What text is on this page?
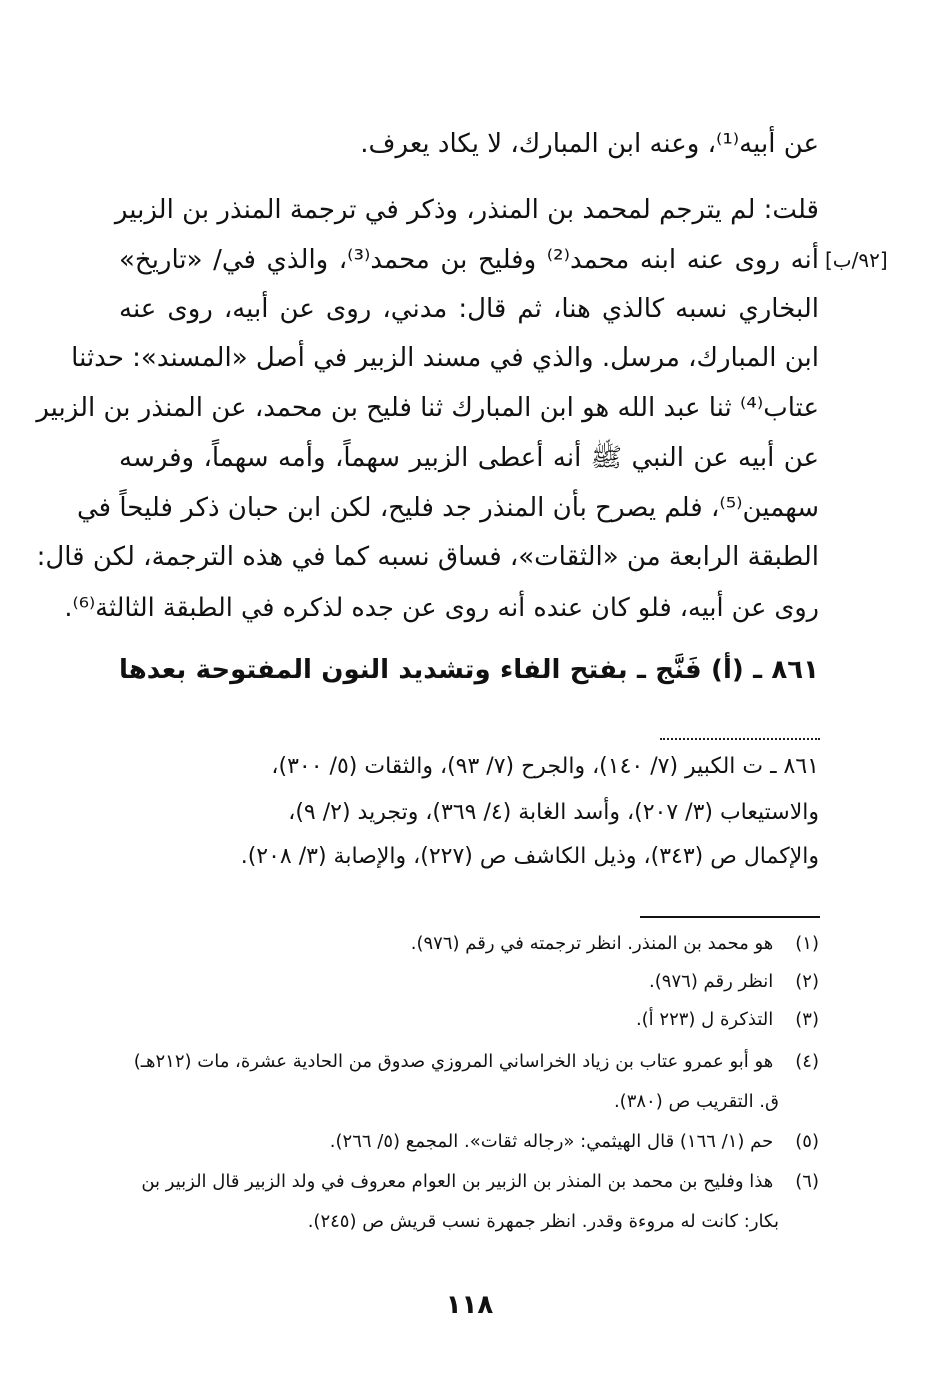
عن أبيه⁽¹⁾، وعنه ابن المبارك، لا يكاد يعرف.
قلت: لم يترجم لمحمد بن المنذر، وذكر في ترجمة المنذر بن الزبير
أنه روى عنه ابنه محمد⁽²⁾ وفليح بن محمد⁽³⁾، والذي في/ «تاريخ» [٩٢/ب]
البخاري نسبه كالذي هنا، ثم قال: مدني، روى عن أبيه، روى عنه
ابن المبارك، مرسل. والذي في مسند الزبير في أصل «المسند»: حدثنا
عتاب⁽⁴⁾ ثنا عبد الله هو ابن المبارك ثنا فليح بن محمد، عن المنذر بن الزبير
عن أبيه عن النبي ﷺ أنه أعطى الزبير سهماً، وأمه سهماً، وفرسه
سهمين⁽⁵⁾، فلم يصرح بأن المنذر جد فليح، لكن ابن حبان ذكر فليحاً في
الطبقة الرابعة من «الثقات»، فساق نسبه كما في هذه الترجمة، لكن قال:
روى عن أبيه، فلو كان عنده أنه روى عن جده لذكره في الطبقة الثالثة⁽⁶⁾.
٨٦١ ـ (أ) فَنَّج ـ بفتح الفاء وتشديد النون المفتوحة بعدها
٨٦١ ـ ت الكبير (٧/ ١٤٠)، والجرح (٧/ ٩٣)، والثقات (٥/ ٣٠٠)،
والاستيعاب (٣/ ٢٠٧)، وأسد الغابة (٤/ ٣٦٩)، وتجريد (٢/ ٩)،
والإكمال ص (٣٤٣)، وذيل الكاشف ص (٢٢٧)، والإصابة (٣/ ٢٠٨).
(١) هو محمد بن المنذر. انظر ترجمته في رقم (٩٧٦).
(٢) انظر رقم (٩٧٦).
(٣) التذكرة ل (٢٢٣ أ).
(٤) هو أبو عمرو عتاب بن زياد الخراساني المروزي صدوق من الحادية عشرة، مات (٢١٢هـ)
ق. التقريب ص (٣٨٠).
(٥) حم (١/ ١٦٦) قال الهيثمي: «رجاله ثقات». المجمع (٥/ ٢٦٦).
(٦) هذا وفليح بن محمد بن المنذر بن الزبير بن العوام معروف في ولد الزبير قال الزبير بن
بكار: كانت له مروءة وقدر. انظر جمهرة نسب قريش ص (٢٤٥).
١١٨
